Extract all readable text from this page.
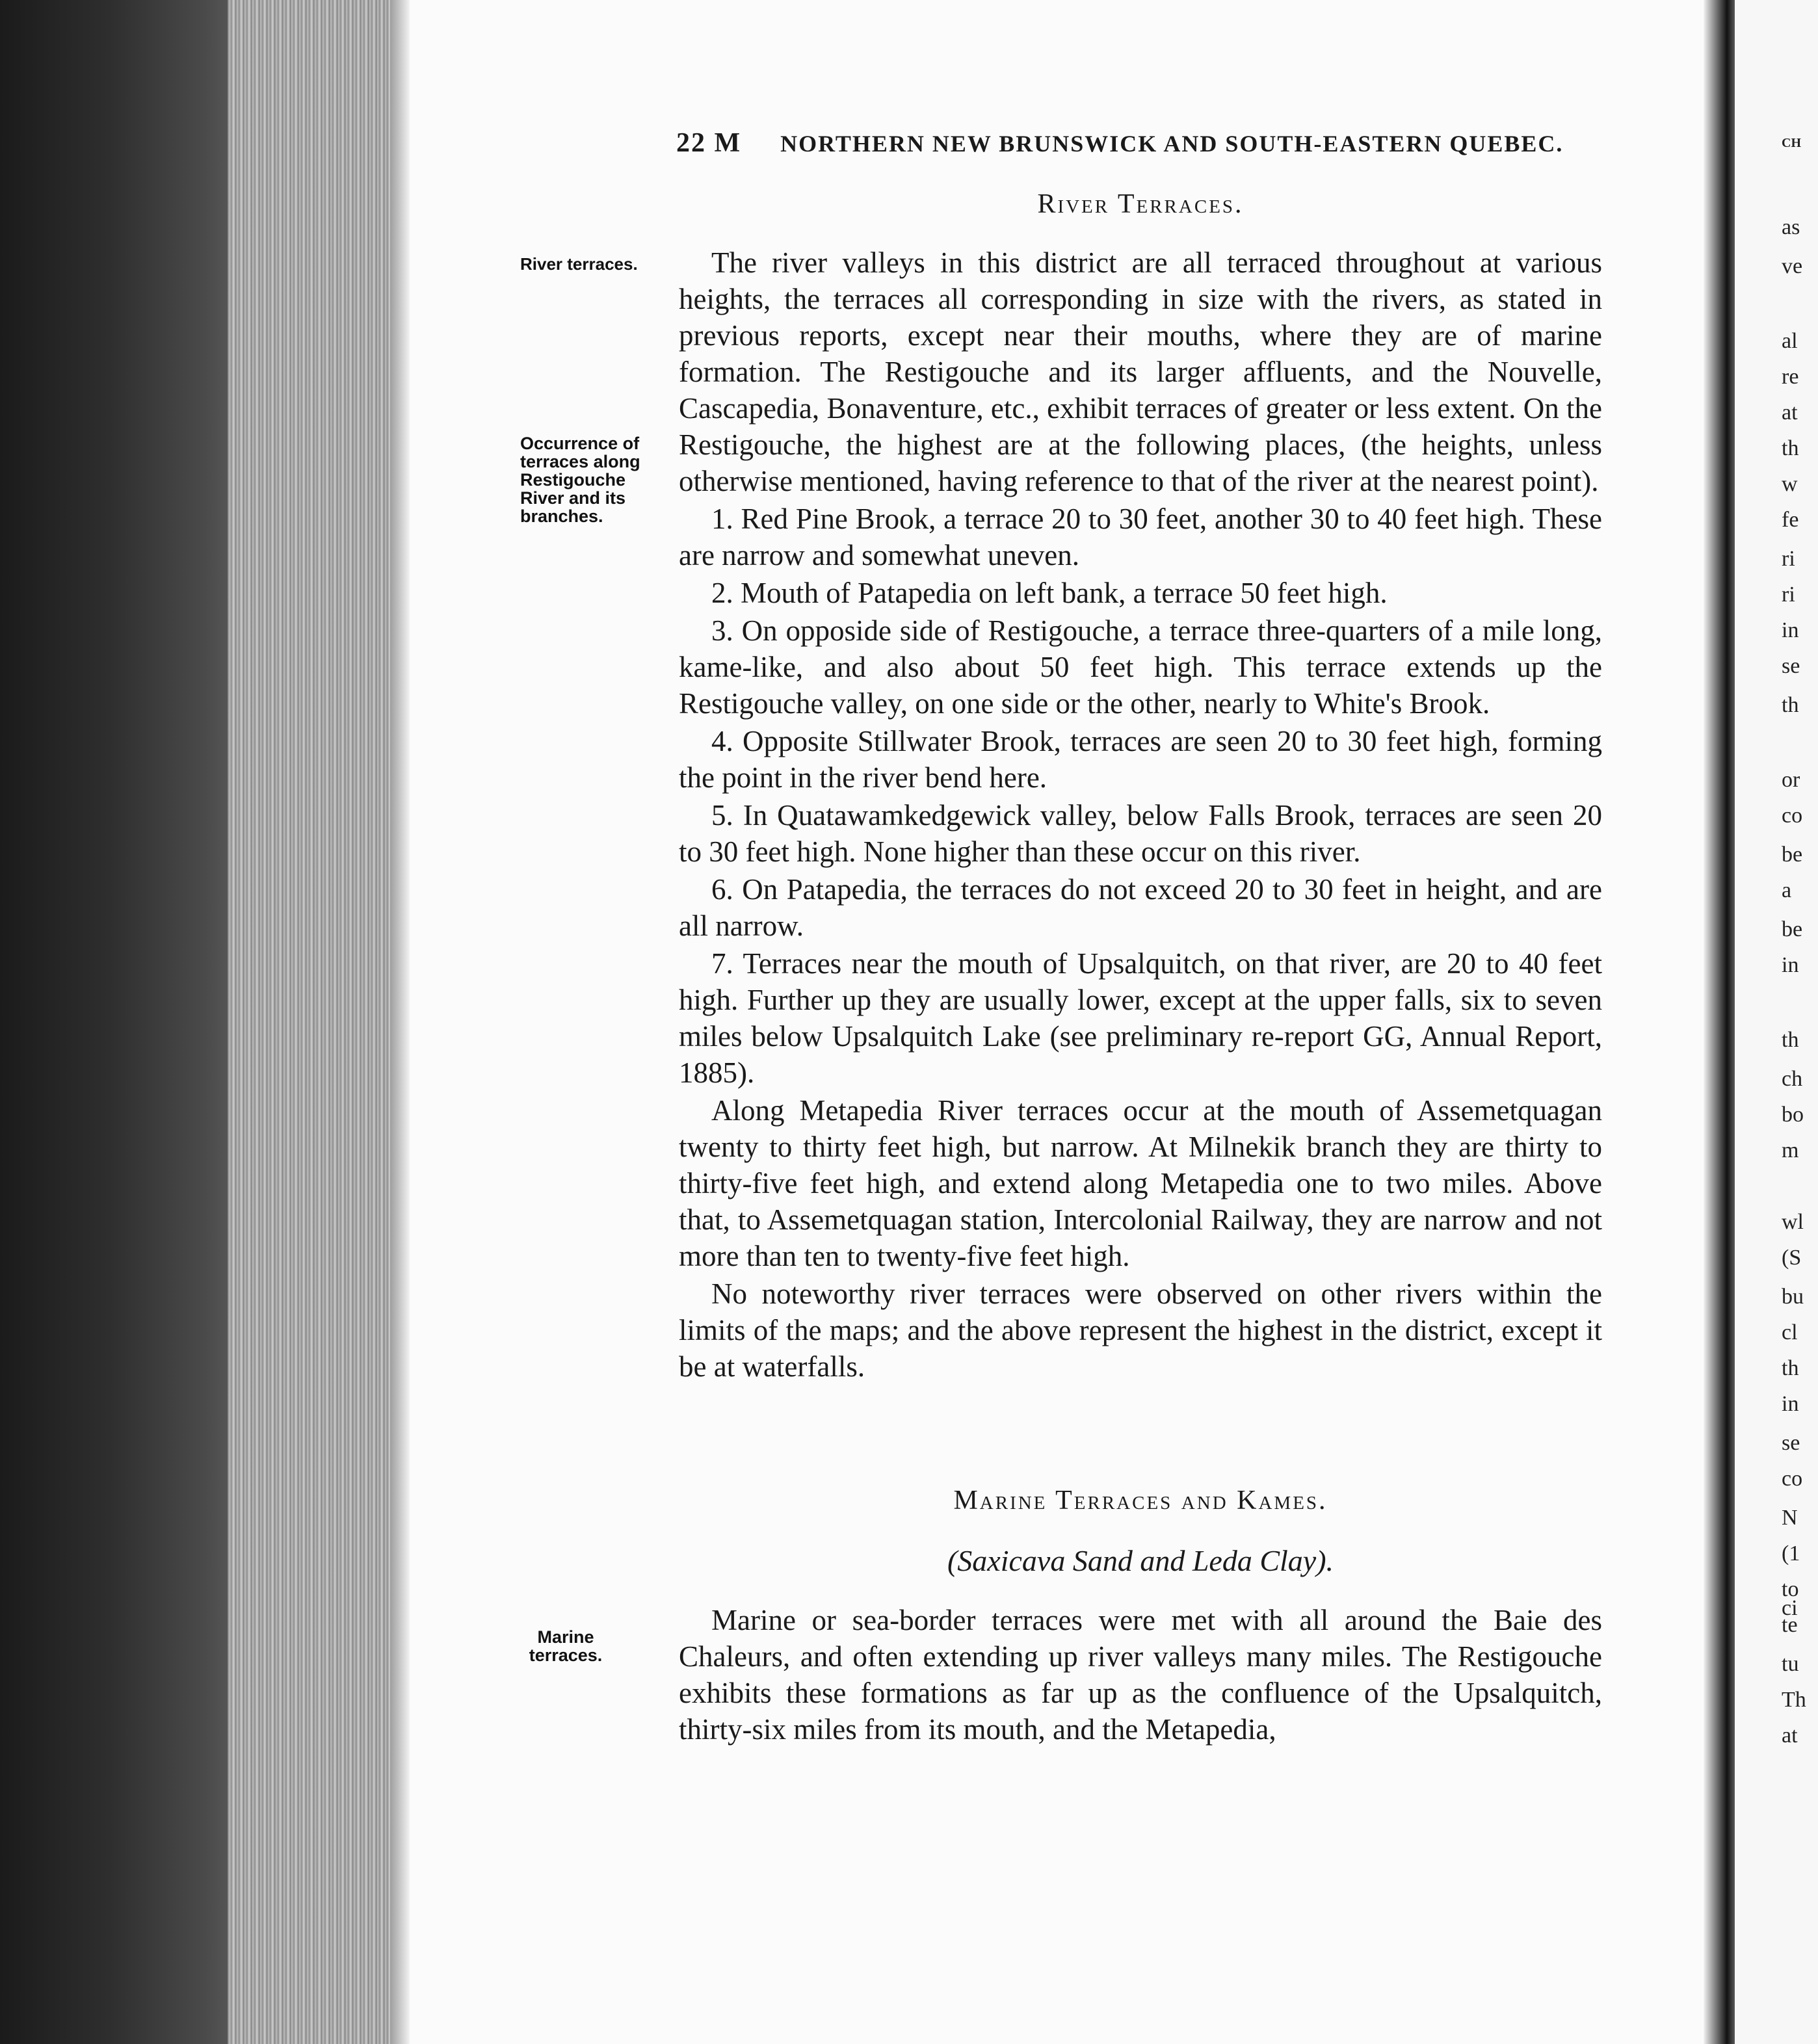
22 M NORTHERN NEW BRUNSWICK AND SOUTH-EASTERN QUEBEC.
River Terraces.
River terraces.
Occurrence of terraces along Restigouche River and its branches.
Marine terraces.

The river valleys in this district are all terraced throughout at various heights, the terraces all corresponding in size with the rivers, as stated in previous reports, except near their mouths, where they are of marine formation. The Restigouche and its larger affluents, and the Nouvelle, Cascapedia, Bonaventure, etc., exhibit terraces of greater or less extent. On the Restigouche, the highest are at the following places, (the heights, unless otherwise mentioned, having reference to that of the river at the nearest point).

1. Red Pine Brook, a terrace 20 to 30 feet, another 30 to 40 feet high. These are narrow and somewhat uneven.

2. Mouth of Patapedia on left bank, a terrace 50 feet high.

3. On opposide side of Restigouche, a terrace three-quarters of a mile long, kame-like, and also about 50 feet high. This terrace extends up the Restigouche valley, on one side or the other, nearly to White's Brook.

4. Opposite Stillwater Brook, terraces are seen 20 to 30 feet high, forming the point in the river bend here.

5. In Quatawamkedgewick valley, below Falls Brook, terraces are seen 20 to 30 feet high. None higher than these occur on this river.

6. On Patapedia, the terraces do not exceed 20 to 30 feet in height, and are all narrow.

7. Terraces near the mouth of Upsalquitch, on that river, are 20 to 40 feet high. Further up they are usually lower, except at the upper falls, six to seven miles below Upsalquitch Lake (see preliminary re-report GG, Annual Report, 1885).

Along Metapedia River terraces occur at the mouth of Assemetquagan twenty to thirty feet high, but narrow. At Milnekik branch they are thirty to thirty-five feet high, and extend along Metapedia one to two miles. Above that, to Assemetquagan station, Intercolonial Railway, they are narrow and not more than ten to twenty-five feet high.

No noteworthy river terraces were observed on other rivers within the limits of the maps; and the above represent the highest in the district, except it be at waterfalls.

Marine Terraces and Kames.
(Saxicava Sand and Leda Clay).

Marine or sea-border terraces were met with all around the Baie des Chaleurs, and often extending up river valleys many miles. The Restigouche exhibits these formations as far up as the confluence of the Upsalquitch, thirty-six miles from its mouth, and the Metapedia,

CH
as
ve
al
re
at
th
w
fe
ri
ri
in
se
th
or
co
be
a
be
in
th
ch
bo
m
wl
(S
bu
cl
th
in
se
co
N
(1
to
te
tu
Th
at
ci
